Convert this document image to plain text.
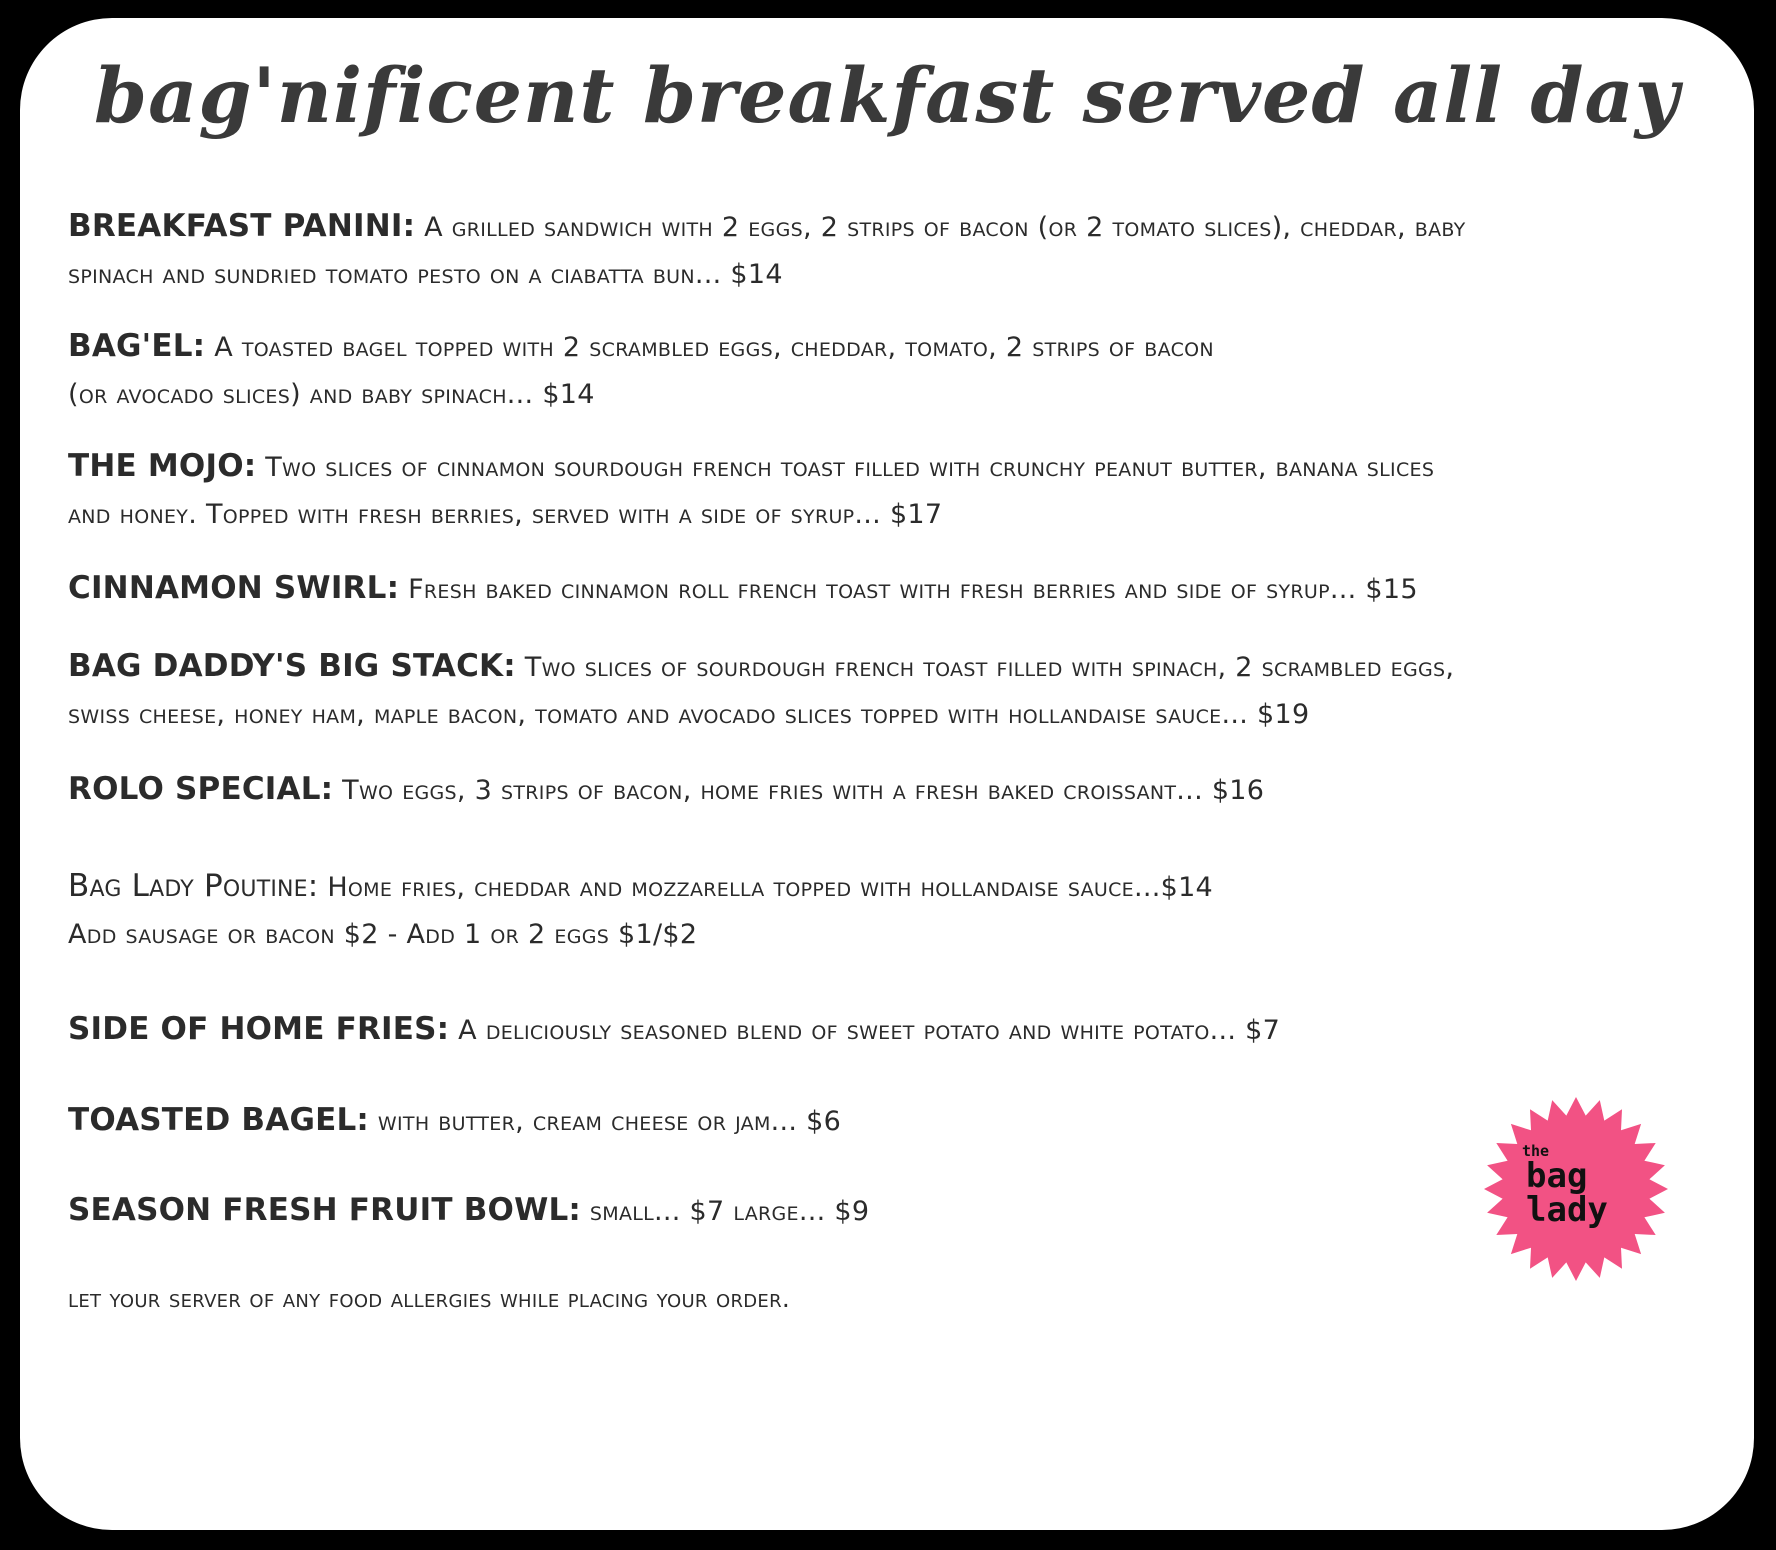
bag'nificent breakfast served all day
BREAKFAST PANINI: A grilled sandwich with 2 eggs, 2 strips of bacon (or 2 tomato slices), cheddar, baby
spinach and sundried tomato pesto on a ciabatta bun... $14
BAG'EL: A toasted bagel topped with 2 scrambled eggs, cheddar, tomato, 2 strips of bacon
(or avocado slices) and baby spinach... $14
THE MOJO: Two slices of cinnamon sourdough french toast filled with crunchy peanut butter, banana slices
and honey. Topped with fresh berries, served with a side of syrup... $17
CINNAMON SWIRL: Fresh baked cinnamon roll french toast with fresh berries and side of syrup... $15
BAG DADDY'S BIG STACK: Two slices of sourdough french toast filled with spinach, 2 scrambled eggs,
swiss cheese, honey ham, maple bacon, tomato and avocado slices topped with hollandaise sauce... $19
ROLO SPECIAL: Two eggs, 3 strips of bacon, home fries with a fresh baked croissant... $16
Bag Lady Poutine: Home fries, cheddar and mozzarella topped with hollandaise sauce...$14
Add sausage or bacon $2 - Add 1 or 2 eggs $1/$2
SIDE OF HOME FRIES: A deliciously seasoned blend of sweet potato and white potato... $7
TOASTED BAGEL: with butter, cream cheese or jam... $6
SEASON FRESH FRUIT BOWL: small... $7 large... $9
let your server of any food allergies while placing your order.
the
bag
lady
